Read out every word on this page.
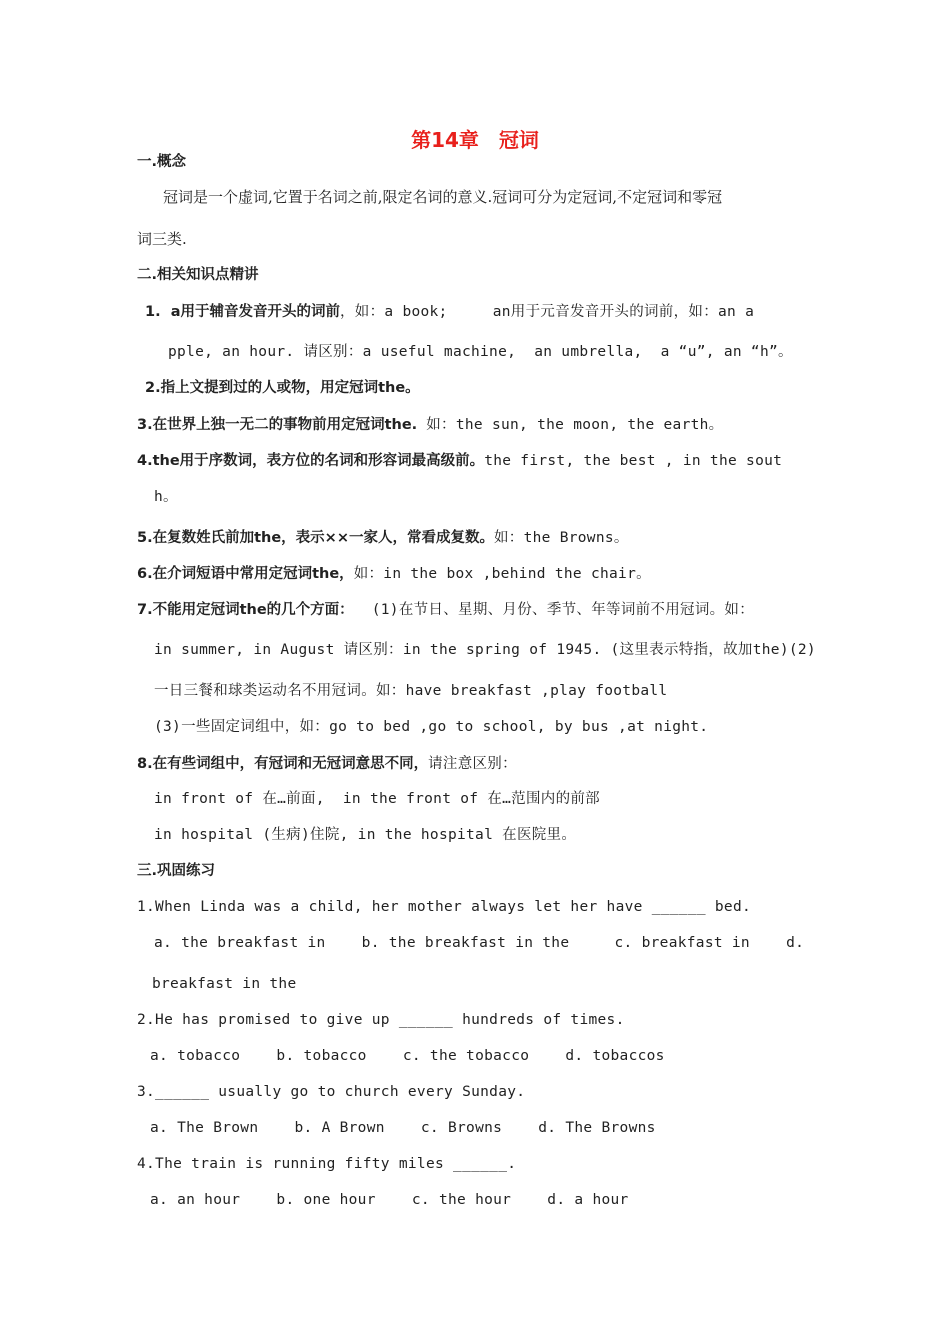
第14章　冠词
一.概念
冠词是一个虚词,它置于名词之前,限定名词的意义.冠词可分为定冠词,不定冠词和零冠
词三类.
二.相关知识点精讲
1.  a用于辅音发音开头的词前，如：a book;     an用于元音发音开头的词前，如：an a
pple, an hour. 请区别：a useful machine,  an umbrella,  a “u”, an “h”。
2.指上文提到过的人或物，用定冠词the。
3.在世界上独一无二的事物前用定冠词the. 如：the sun, the moon, the earth。
4.the用于序数词，表方位的名词和形容词最高级前。the first, the best , in the sout
h。
5.在复数姓氏前加the，表示××一家人，常看成复数。如：the Browns。
6.在介词短语中常用定冠词the，如：in the box ,behind the chair。
7.不能用定冠词the的几个方面：  (1)在节日、星期、月份、季节、年等词前不用冠词。如：
in summer, in August 请区别：in the spring of 1945. (这里表示特指，故加the)(2)
一日三餐和球类运动名不用冠词。如：have breakfast ,play football
(3)一些固定词组中，如：go to bed ,go to school, by bus ,at night.
8.在有些词组中，有冠词和无冠词意思不同，请注意区别：
in front of 在…前面,  in the front of 在…范围内的前部
in hospital (生病)住院, in the hospital 在医院里。
三.巩固练习
1.When Linda was a child, her mother always let her have ______ bed.
a. the breakfast in    b. the breakfast in the     c. breakfast in    d.
breakfast in the
2.He has promised to give up ______ hundreds of times.
a. tobacco    b. tobacco    c. the tobacco    d. tobaccos
3.______ usually go to church every Sunday.
a. The Brown    b. A Brown    c. Browns    d. The Browns
4.The train is running fifty miles ______.
a. an hour    b. one hour    c. the hour    d. a hour
